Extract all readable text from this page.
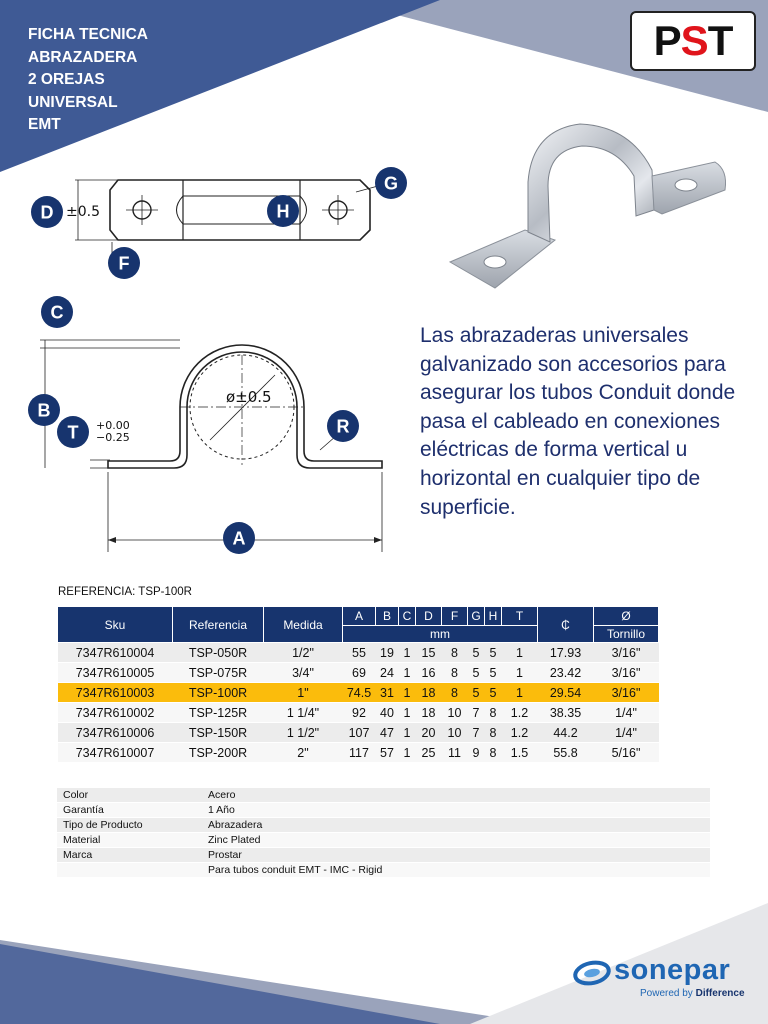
FICHA TECNICA
ABRAZADERA
2 OREJAS
UNIVERSAL
EMT
PST
±0.5
+0.00
−0.25
ø±0.5
D
G
H
F
C
B
T	R
A
Las abrazaderas universales galvanizado son accesorios para asegurar los tubos Conduit donde pasa el cableado en conexiones eléctricas de forma vertical u horizontal en cualquier tipo de superficie.
REFERENCIA: TSP-100R
Sku	Referencia	Medida	A	B	C	D	F	G	H	T	₵	Ø
			mm									Tornillo
7347R610004	TSP-050R	1/2"	55	19	1	15	8	5	5	1	17.93	3/16"
7347R610005	TSP-075R	3/4"	69	24	1	16	8	5	5	1	23.42	3/16"
7347R610003	TSP-100R	1"	74.5	31	1	18	8	5	5	1	29.54	3/16"
7347R610002	TSP-125R	1 1/4"	92	40	1	18	10	7	8	1.2	38.35	1/4"
7347R610006	TSP-150R	1 1/2"	107	47	1	20	10	7	8	1.2	44.2	1/4"
7347R610007	TSP-200R	2"	117	57	1	25	11	9	8	1.5	55.8	5/16"
Color	Acero
Garantía	1 Año
Tipo de Producto	Abrazadera
Material	Zinc Plated
Marca	Prostar
	Para tubos conduit EMT - IMC - Rigid
sonepar
Powered by Difference
